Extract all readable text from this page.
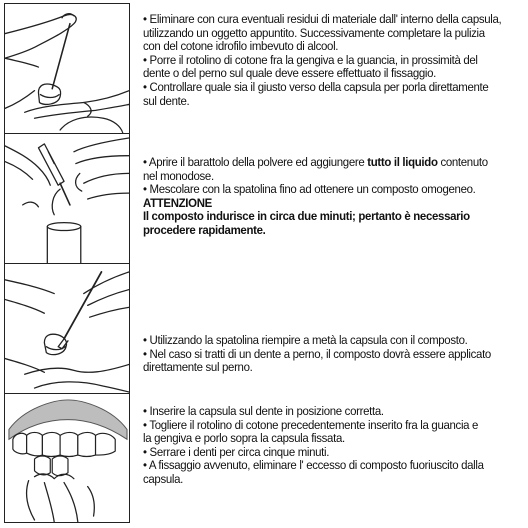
• Eliminare con cura eventuali residui di materiale dall' interno della capsula,
utilizzando un oggetto appuntito. Successivamente completare la pulizia
con del cotone idrofilo imbevuto di alcool.
• Porre il rotolino di cotone fra la gengiva e la guancia, in prossimità del
dente o del perno sul quale deve essere effettuato il fissaggio.
• Controllare quale sia il giusto verso della capsula per porla direttamente
sul dente.
• Aprire il barattolo della polvere ed aggiungere tutto il liquido contenuto
nel monodose.
• Mescolare con la spatolina fino ad ottenere un composto omogeneo.
ATTENZIONE
Il composto indurisce in circa due minuti; pertanto è necessario
procedere rapidamente.
• Utilizzando la spatolina riempire a metà la capsula con il composto.
• Nel caso si tratti di un dente a perno, il composto dovrà essere applicato
direttamente sul perno.
• Inserire la capsula sul dente in posizione corretta.
• Togliere il rotolino di cotone precedentemente inserito fra la guancia e
la gengiva e porlo sopra la capsula fissata.
• Serrare i denti per circa cinque minuti.
• A fissaggio avvenuto, eliminare l' eccesso di composto fuoriuscito dalla
capsula.
